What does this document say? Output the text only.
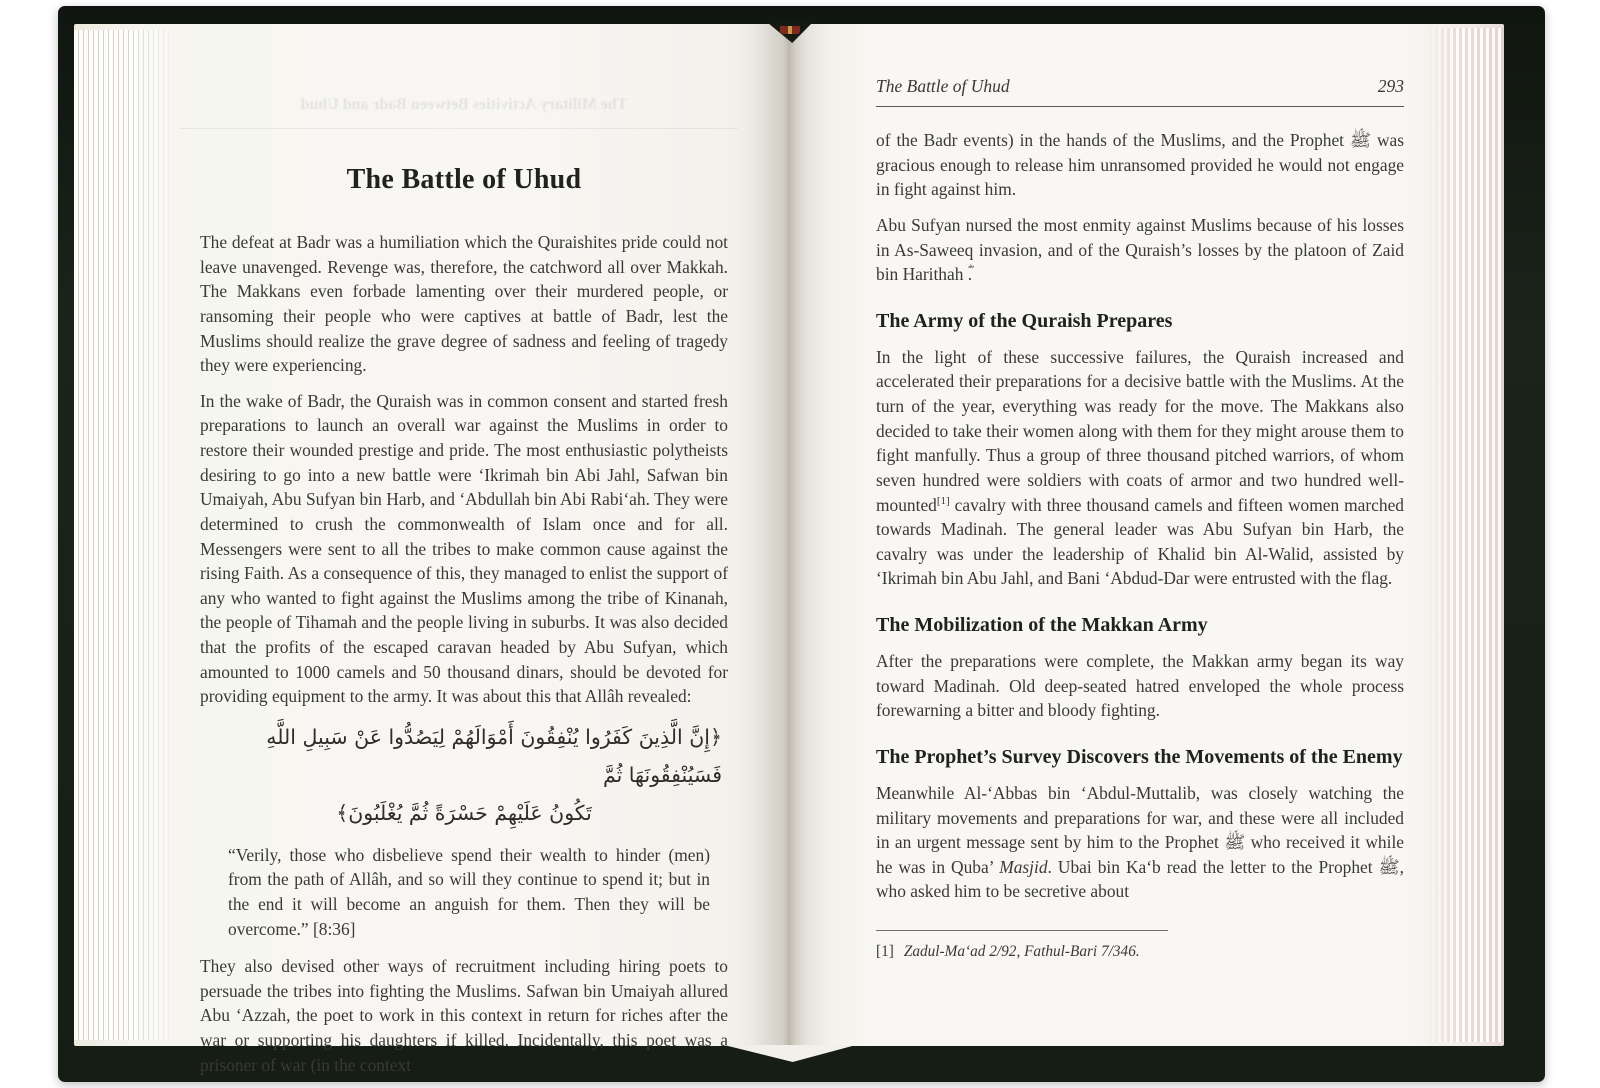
The Military Activities Between Badr and Uhud
The Battle of Uhud

The defeat at Badr was a humiliation which the Quraishites pride could not leave unavenged. Revenge was, therefore, the catchword all over Makkah. The Makkans even forbade lamenting over their murdered people, or ransoming their people who were captives at battle of Badr, lest the Muslims should realize the grave degree of sadness and feeling of tragedy they were experiencing.

In the wake of Badr, the Quraish was in common consent and started fresh preparations to launch an overall war against the Muslims in order to restore their wounded prestige and pride. The most enthusiastic polytheists desiring to go into a new battle were ‘Ikrimah bin Abi Jahl, Safwan bin Umaiyah, Abu Sufyan bin Harb, and ‘Abdullah bin Abi Rabi‘ah. They were determined to crush the commonwealth of Islam once and for all. Messengers were sent to all the tribes to make common cause against the rising Faith. As a consequence of this, they managed to enlist the support of any who wanted to fight against the Muslims among the tribe of Kinanah, the people of Tihamah and the people living in suburbs. It was also decided that the profits of the escaped caravan headed by Abu Sufyan, which amounted to 1000 camels and 50 thousand dinars, should be devoted for providing equipment to the army. It was about this that Allâh revealed:

﴿إِنَّ الَّذِينَ كَفَرُوا يُنْفِقُونَ أَمْوَالَهُمْ لِيَصُدُّوا عَنْ سَبِيلِ اللَّهِ فَسَيُنْفِقُونَهَا ثُمَّ
تَكُونُ عَلَيْهِمْ حَسْرَةً ثُمَّ يُغْلَبُونَ﴾

“Verily, those who disbelieve spend their wealth to hinder (men) from the path of Allâh, and so will they continue to spend it; but in the end it will become an anguish for them. Then they will be overcome.” [8:36]

They also devised other ways of recruitment including hiring poets to persuade the tribes into fighting the Muslims. Safwan bin Umaiyah allured Abu ‘Azzah, the poet to work in this context in return for riches after the war or supporting his daughters if killed. Incidentally, this poet was a prisoner of war (in the context

The Battle of Uhud	293

of the Badr events) in the hands of the Muslims, and the Prophet ﷺ was gracious enough to release him unransomed provided he would not engage in fight against him.

Abu Sufyan nursed the most enmity against Muslims because of his losses in As-Saweeq invasion, and of the Quraish’s losses by the platoon of Zaid bin Harithah ؓ.

The Army of the Quraish Prepares

In the light of these successive failures, the Quraish increased and accelerated their preparations for a decisive battle with the Muslims. At the turn of the year, everything was ready for the move. The Makkans also decided to take their women along with them for they might arouse them to fight manfully. Thus a group of three thousand pitched warriors, of whom seven hundred were soldiers with coats of armor and two hundred well-mounted[1] cavalry with three thousand camels and fifteen women marched towards Madinah. The general leader was Abu Sufyan bin Harb, the cavalry was under the leadership of Khalid bin Al-Walid, assisted by ‘Ikrimah bin Abu Jahl, and Bani ‘Abdud-Dar were entrusted with the flag.

The Mobilization of the Makkan Army

After the preparations were complete, the Makkan army began its way toward Madinah. Old deep-seated hatred enveloped the whole process forewarning a bitter and bloody fighting.

The Prophet’s Survey Discovers the Movements of the Enemy

Meanwhile Al-‘Abbas bin ‘Abdul-Muttalib, was closely watching the military movements and preparations for war, and these were all included in an urgent message sent by him to the Prophet ﷺ who received it while he was in Quba’ Masjid. Ubai bin Ka‘b read the letter to the Prophet ﷺ, who asked him to be secretive about

[1] Zadul-Ma‘ad 2/92, Fathul-Bari 7/346.
